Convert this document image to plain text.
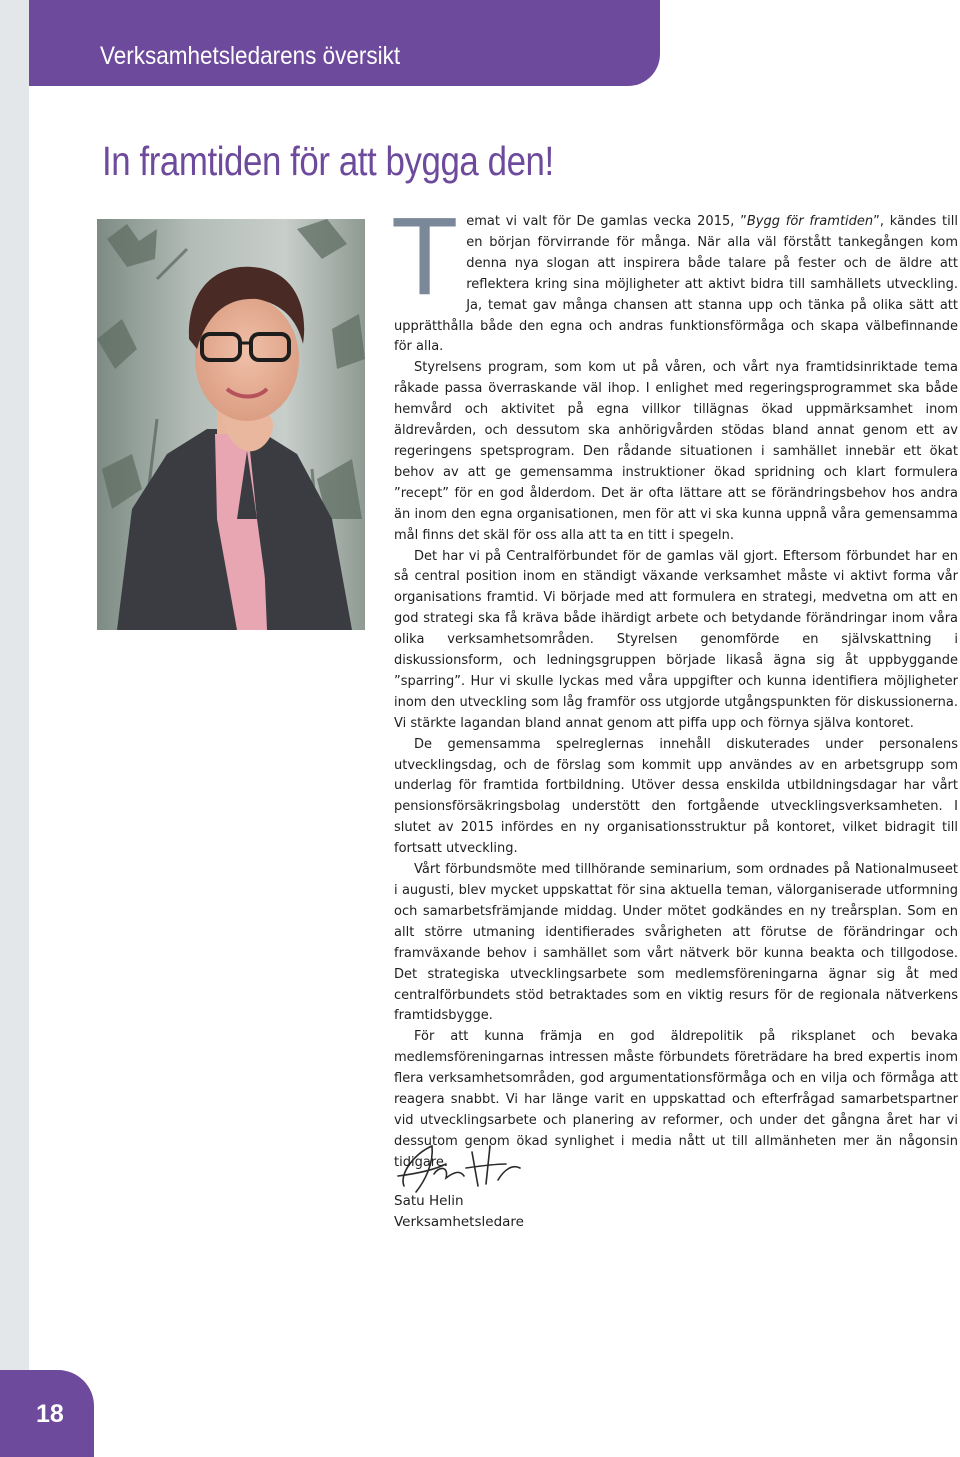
Verksamhetsledarens översikt
In framtiden för att bygga den!

Temat vi valt för De gamlas vecka 2015, ”Bygg för framtiden”, kändes till en början förvirrande för många. När alla väl förstått tankegången kom denna nya slogan att inspirera både talare på fester och de äldre att reflektera kring sina möjligheter att aktivt bidra till samhällets utveckling. Ja, temat gav många chansen att stanna upp och tänka på olika sätt att upprätthålla både den egna och andras funktionsförmåga och skapa välbefinnande för alla.

Styrelsens program, som kom ut på våren, och vårt nya framtidsinriktade tema råkade passa överraskande väl ihop. I enlighet med regeringsprogrammet ska både hemvård och aktivitet på egna villkor tillägnas ökad uppmärksamhet inom äldrevården, och dessutom ska anhörigvården stödas bland annat genom ett av regeringens spetsprogram. Den rådande situationen i samhället innebär ett ökat behov av att ge gemensamma instruktioner ökad spridning och klart formulera ”recept” för en god ålderdom. Det är ofta lättare att se förändringsbehov hos andra än inom den egna organisationen, men för att vi ska kunna uppnå våra gemensamma mål finns det skäl för oss alla att ta en titt i spegeln.

Det har vi på Centralförbundet för de gamlas väl gjort. Eftersom förbundet har en så central position inom en ständigt växande verksamhet måste vi aktivt forma vår organisations framtid. Vi började med att formulera en strategi, medvetna om att en god strategi ska få kräva både ihärdigt arbete och betydande förändringar inom våra olika verksamhetsområden. Styrelsen genomförde en självskattning i diskussionsform, och ledningsgruppen började likaså ägna sig åt uppbyggande ”sparring”. Hur vi skulle lyckas med våra uppgifter och kunna identifiera möjligheter inom den utveckling som låg framför oss utgjorde utgångspunkten för diskussionerna. Vi stärkte lagandan bland annat genom att piffa upp och förnya själva kontoret.

De gemensamma spelreglernas innehåll diskuterades under personalens utvecklingsdag, och de förslag som kommit upp användes av en arbetsgrupp som underlag för framtida fortbildning. Utöver dessa enskilda utbildningsdagar har vårt pensionsförsäkringsbolag understött den fortgående utvecklingsverksamheten. I slutet av 2015 infördes en ny organisationsstruktur på kontoret, vilket bidragit till fortsatt utveckling.

Vårt förbundsmöte med tillhörande seminarium, som ordnades på Nationalmuseet i augusti, blev mycket uppskattat för sina aktuella teman, välorganiserade utformning och samarbetsfrämjande middag. Under mötet godkändes en ny treårsplan. Som en allt större utmaning identifierades svårigheten att förutse de förändringar och framväxande behov i samhället som vårt nätverk bör kunna beakta och tillgodose. Det strategiska utvecklingsarbete som medlemsföreningarna ägnar sig åt med centralförbundets stöd betraktades som en viktig resurs för de regionala nätverkens framtidsbygge.

För att kunna främja en god äldrepolitik på riksplanet och bevaka medlemsföreningarnas intressen måste förbundets företrädare ha bred expertis inom flera verksamhetsområden, god argumentationsförmåga och en vilja och förmåga att reagera snabbt. Vi har länge varit en uppskattad och efterfrågad samarbetspartner vid utvecklingsarbete och planering av reformer, och under det gångna året har vi dessutom genom ökad synlighet i media nått ut till allmänheten mer än någonsin tidigare.

Satu Helin
Verksamhetsledare
18
